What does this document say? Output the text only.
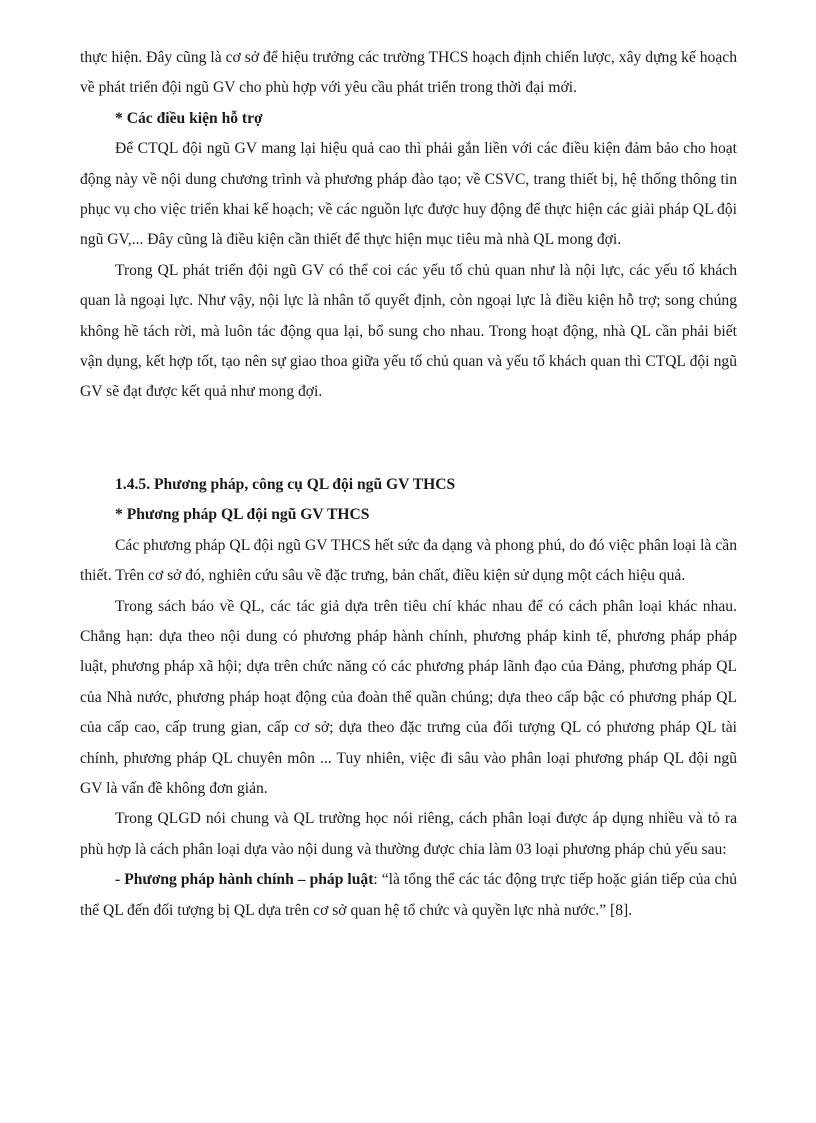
thực hiện. Đây cũng là cơ sở để hiệu trưởng các trường THCS hoạch định chiến lược, xây dựng kế hoạch về phát triển đội ngũ GV cho phù hợp với yêu cầu phát triển trong thời đại mới.

* Các điều kiện hỗ trợ

Để CTQL đội ngũ GV mang lại hiệu quả cao thì phải gắn liền với các điều kiện đảm bảo cho hoạt động này về nội dung chương trình và phương pháp đào tạo; về CSVC, trang thiết bị, hệ thống thông tin phục vụ cho việc triển khai kế hoạch; về các nguồn lực được huy động để thực hiện các giải pháp QL đội ngũ GV,... Đây cũng là điều kiện cần thiết để thực hiện mục tiêu mà nhà QL mong đợi.

Trong QL phát triển đội ngũ GV có thể coi các yếu tố chủ quan như là nội lực, các yếu tố khách quan là ngoại lực. Như vậy, nội lực là nhân tố quyết định, còn ngoại lực là điều kiện hỗ trợ; song chúng không hề tách rời, mà luôn tác động qua lại, bổ sung cho nhau. Trong hoạt động, nhà QL cần phải biết vận dụng, kết hợp tốt, tạo nên sự giao thoa giữa yếu tố chủ quan và yếu tố khách quan thì CTQL đội ngũ GV sẽ đạt được kết quả như mong đợi.

1.4.5. Phương pháp, công cụ QL đội ngũ GV THCS

* Phương pháp QL đội ngũ GV THCS

Các phương pháp QL đội ngũ GV THCS hết sức đa dạng và phong phú, do đó việc phân loại là cần thiết. Trên cơ sở đó, nghiên cứu sâu về đặc trưng, bản chất, điều kiện sử dụng một cách hiệu quả.

Trong sách báo về QL, các tác giả dựa trên tiêu chí khác nhau để có cách phân loại khác nhau. Chẳng hạn: dựa theo nội dung có phương pháp hành chính, phương pháp kinh tế, phương pháp pháp luật, phương pháp xã hội; dựa trên chức năng có các phương pháp lãnh đạo của Đảng, phương pháp QL của Nhà nước, phương pháp hoạt động của đoàn thể quần chúng; dựa theo cấp bậc có phương pháp QL của cấp cao, cấp trung gian, cấp cơ sở; dựa theo đặc trưng của đối tượng QL có phương pháp QL tài chính, phương pháp QL chuyên môn ... Tuy nhiên, việc đi sâu vào phân loại phương pháp QL đội ngũ GV là vấn đề không đơn giản.

Trong QLGD nói chung và QL trường học nói riêng, cách phân loại được áp dụng nhiều và tỏ ra phù hợp là cách phân loại dựa vào nội dung và thường được chia làm 03 loại phương pháp chủ yếu sau:

- Phương pháp hành chính – pháp luật: “là tổng thể các tác động trực tiếp hoặc gián tiếp của chủ thể QL đến đối tượng bị QL dựa trên cơ sở quan hệ tổ chức và quyền lực nhà nước.” [8].
